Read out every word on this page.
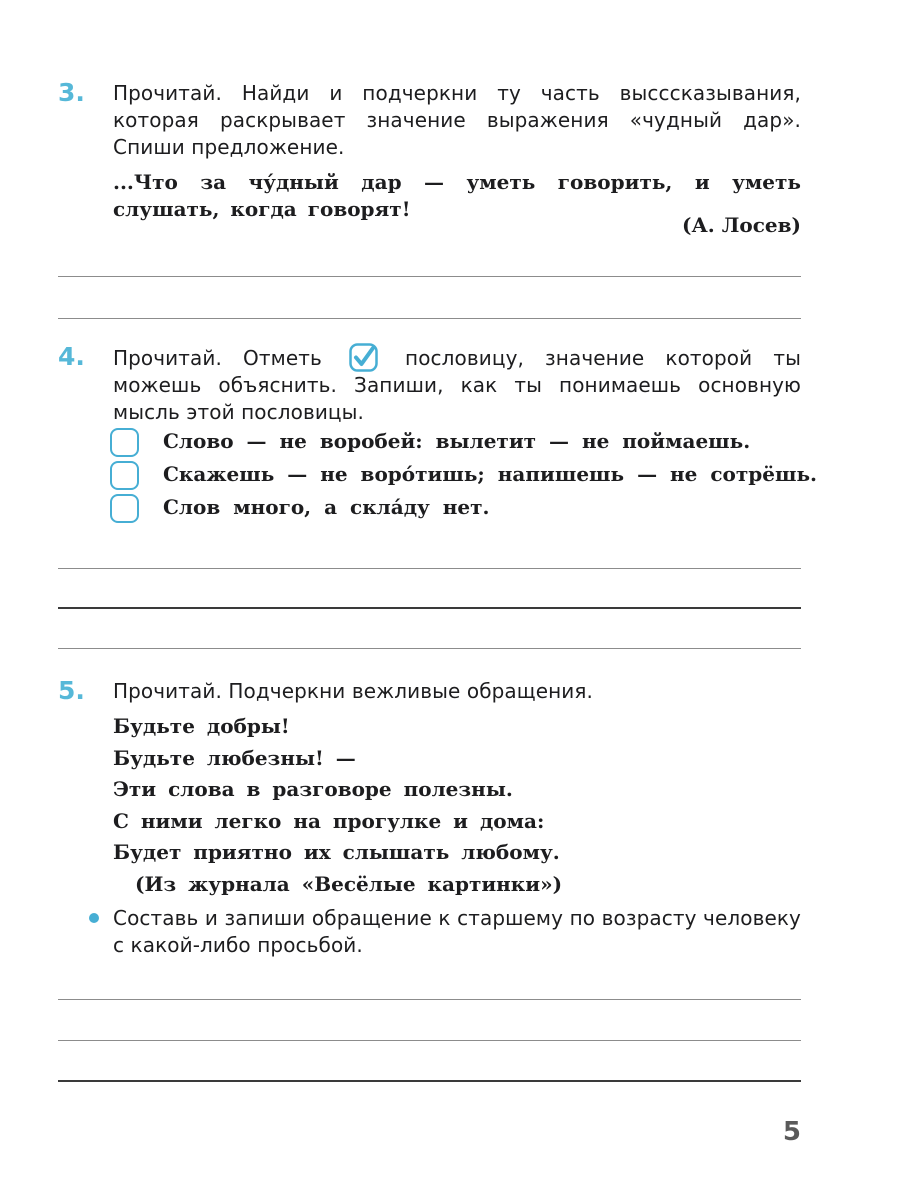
3. Прочитай. Найди и подчеркни ту часть высссказывания, которая раскрывает значение выражения «чудный дар». Спиши предложение.
...Что за чу́дный дар — уметь говорить, и уметь слушать, когда говорят!
(А. Лосев)
4. Прочитай. Отметь	пословицу, значение которой ты можешь объяснить. Запиши, как ты понимаешь основную мысль этой пословицы.
Слово — не воробей: вылетит — не поймаешь.
Скажешь — не воро́тишь; напишешь — не сотрёшь.
Слов много, а скла́ду нет.
5. Прочитай. Подчеркни вежливые обращения.
Будьте добры!
Будьте любезны! —
Эти слова в разговоре полезны.
С ними легко на прогулке и дома:
Будет приятно их слышать любому.
(Из журнала «Весёлые картинки»)
Составь и запиши обращение к старшему по возрасту человеку с какой-либо просьбой.
5
